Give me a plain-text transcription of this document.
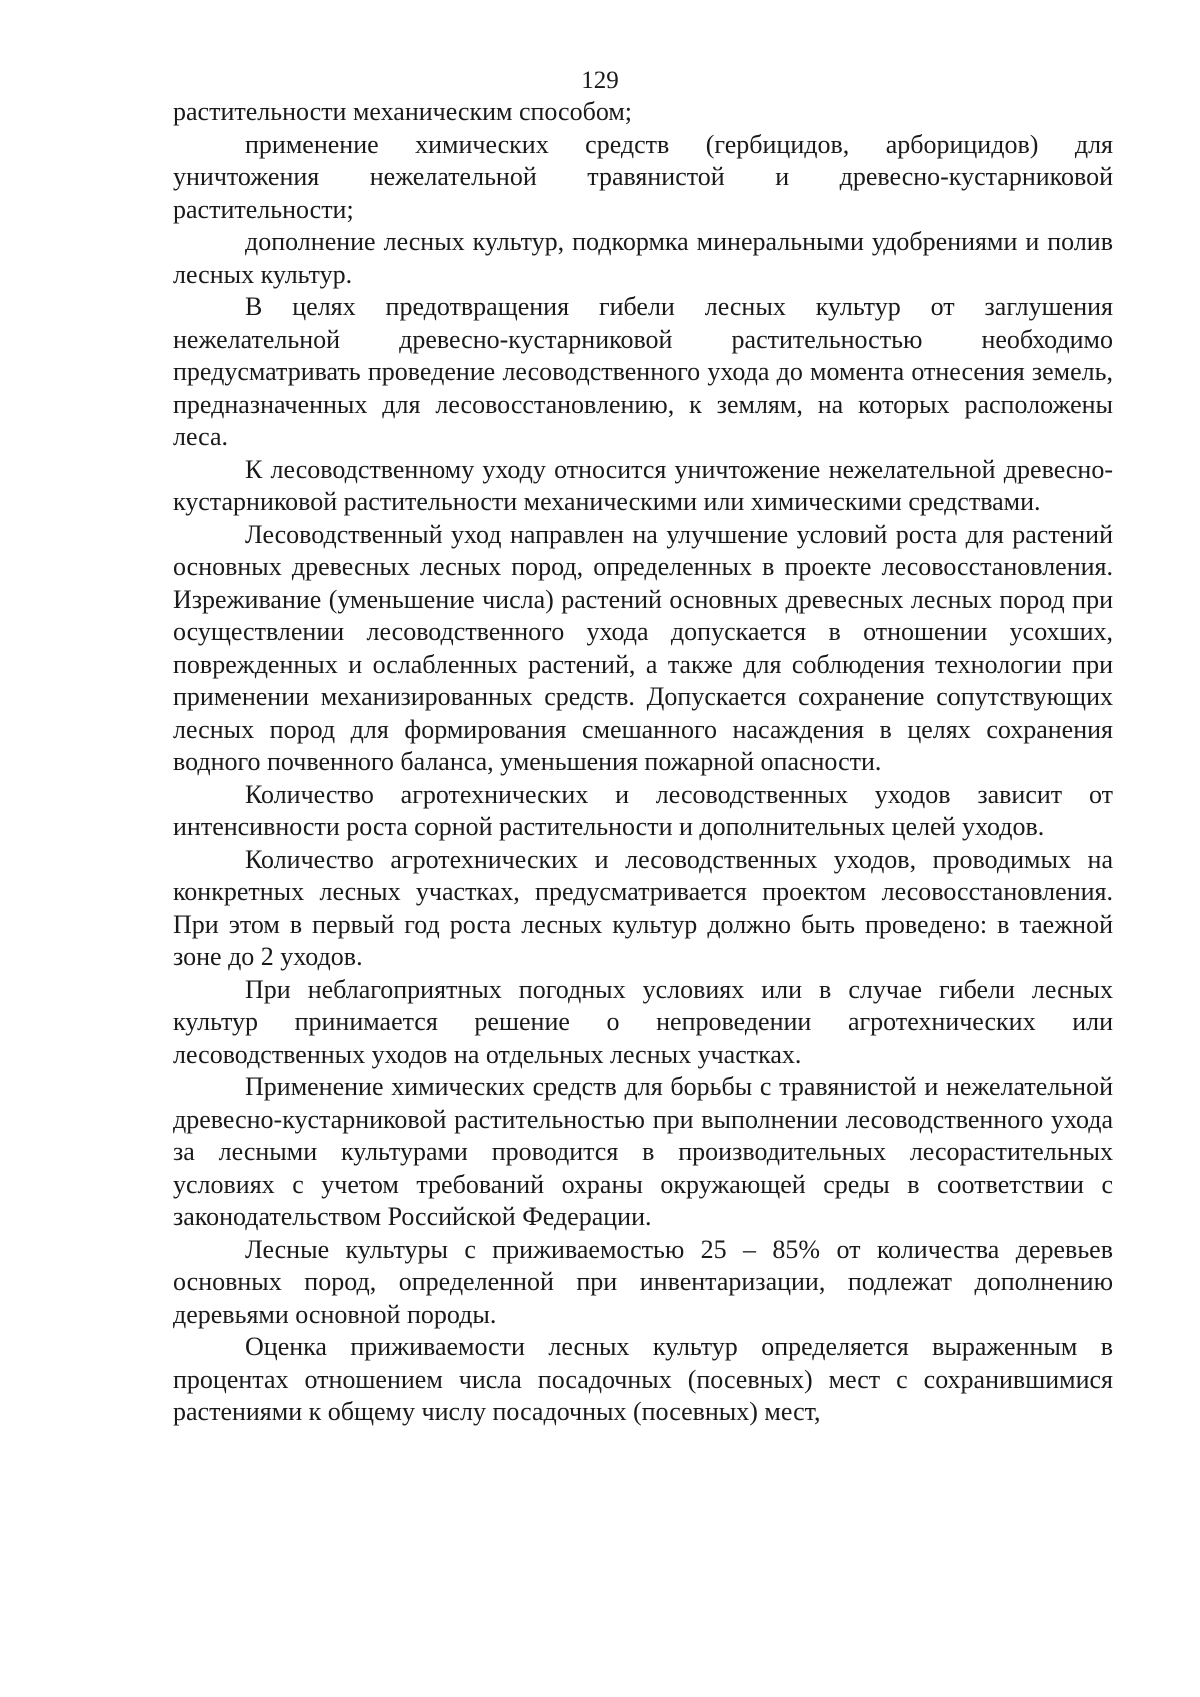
129

растительности механическим способом;

применение химических средств (гербицидов, арборицидов) для уничтожения нежелательной травянистой и древесно-кустарниковой растительности;

дополнение лесных культур, подкормка минеральными удобрениями и полив лесных культур.

В целях предотвращения гибели лесных культур от заглушения нежелательной древесно-кустарниковой растительностью необходимо предусматривать проведение лесоводственного ухода до момента отнесения земель, предназначенных для лесовосстановлению, к землям, на которых расположены леса.

К лесоводственному уходу относится уничтожение нежелательной древесно-кустарниковой растительности механическими или химическими средствами.

Лесоводственный уход направлен на улучшение условий роста для растений основных древесных лесных пород, определенных в проекте лесовосстановления. Изреживание (уменьшение числа) растений основных древесных лесных пород при осуществлении лесоводственного ухода допускается в отношении усохших, поврежденных и ослабленных растений, а также для соблюдения технологии при применении механизированных средств. Допускается сохранение сопутствующих лесных пород для формирования смешанного насаждения в целях сохранения водного почвенного баланса, уменьшения пожарной опасности.

Количество агротехнических и лесоводственных уходов зависит от интенсивности роста сорной растительности и дополнительных целей уходов.

Количество агротехнических и лесоводственных уходов, проводимых на конкретных лесных участках, предусматривается проектом лесовосстановления. При этом в первый год роста лесных культур должно быть проведено: в таежной зоне до 2 уходов.

При неблагоприятных погодных условиях или в случае гибели лесных культур принимается решение о непроведении агротехнических или лесоводственных уходов на отдельных лесных участках.

Применение химических средств для борьбы с травянистой и нежелательной древесно-кустарниковой растительностью при выполнении лесоводственного ухода за лесными культурами проводится в производительных лесорастительных условиях с учетом требований охраны окружающей среды в соответствии с законодательством Российской Федерации.

Лесные культуры с приживаемостью 25 – 85% от количества деревьев основных пород, определенной при инвентаризации, подлежат дополнению деревьями основной породы.

Оценка приживаемости лесных культур определяется выраженным в процентах отношением числа посадочных (посевных) мест с сохранившимися растениями к общему числу посадочных (посевных) мест,
